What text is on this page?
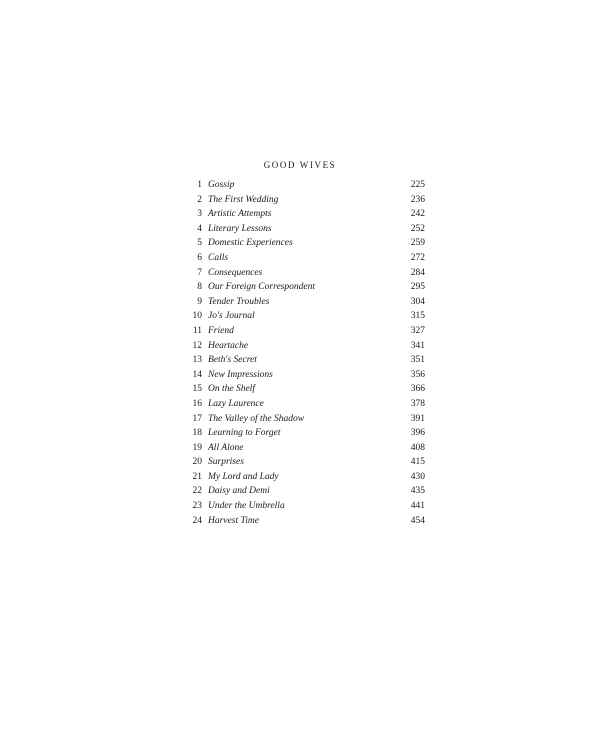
GOOD WIVES
1 Gossip	225
2 The First Wedding	236
3 Artistic Attempts	242
4 Literary Lessons	252
5 Domestic Experiences	259
6 Calls	272
7 Consequences	284
8 Our Foreign Correspondent	295
9 Tender Troubles	304
10 Jo's Journal	315
11 Friend	327
12 Heartache	341
13 Beth's Secret	351
14 New Impressions	356
15 On the Shelf	366
16 Lazy Laurence	378
17 The Valley of the Shadow	391
18 Learning to Forget	396
19 All Alone	408
20 Surprises	415
21 My Lord and Lady	430
22 Daisy and Demi	435
23 Under the Umbrella	441
24 Harvest Time	454
